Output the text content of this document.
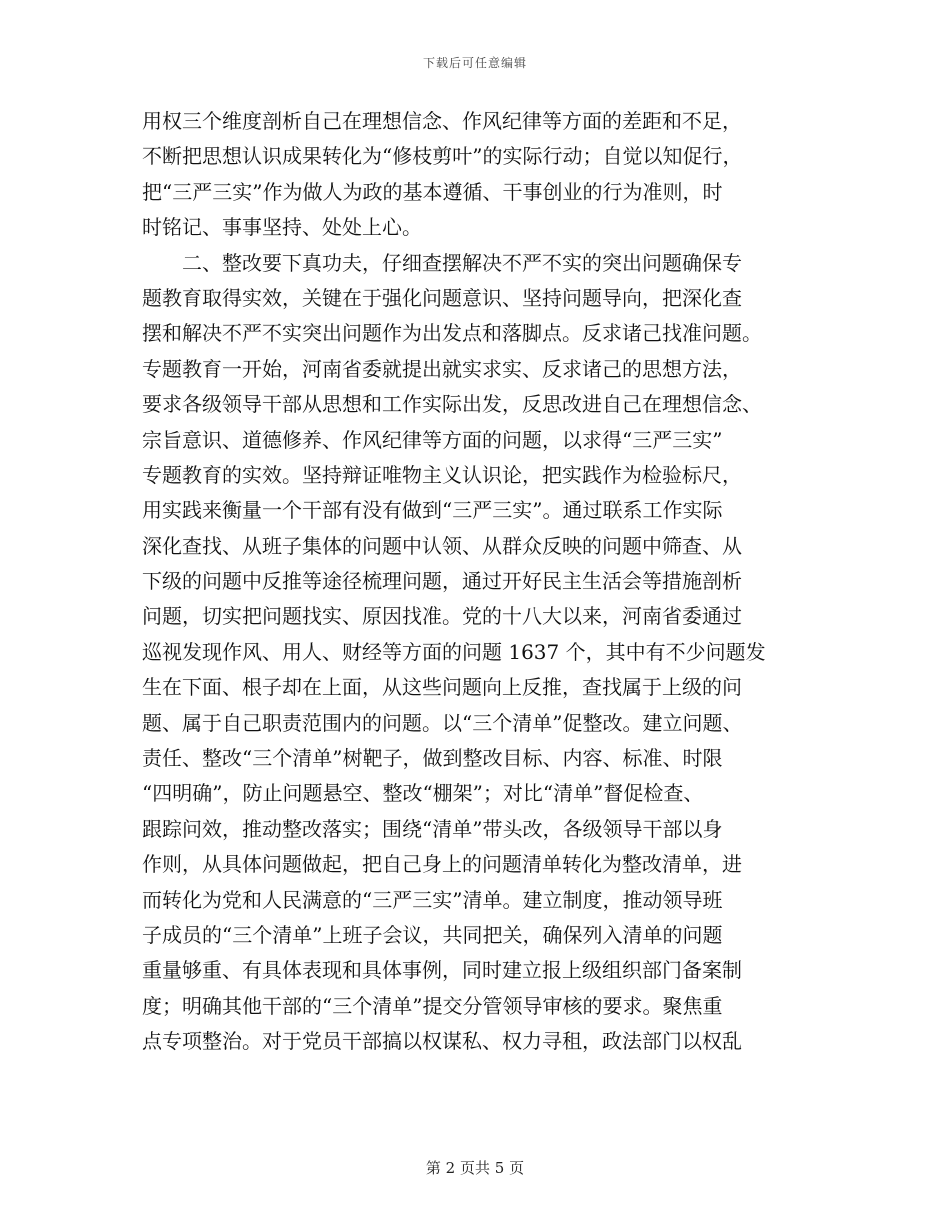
下载后可任意编辑
用权三个维度剖析自己在理想信念、作风纪律等方面的差距和不足，
不断把思想认识成果转化为“修枝剪叶”的实际行动；自觉以知促行，
把“三严三实”作为做人为政的基本遵循、干事创业的行为准则，时
时铭记、事事坚持、处处上心。
　　二、整改要下真功夫，仔细查摆解决不严不实的突出问题确保专
题教育取得实效，关键在于强化问题意识、坚持问题导向，把深化查
摆和解决不严不实突出问题作为出发点和落脚点。反求诸己找准问题。
专题教育一开始，河南省委就提出就实求实、反求诸己的思想方法，
要求各级领导干部从思想和工作实际出发，反思改进自己在理想信念、
宗旨意识、道德修养、作风纪律等方面的问题，以求得“三严三实”
专题教育的实效。坚持辩证唯物主义认识论，把实践作为检验标尺，
用实践来衡量一个干部有没有做到“三严三实”。通过联系工作实际
深化查找、从班子集体的问题中认领、从群众反映的问题中筛查、从
下级的问题中反推等途径梳理问题，通过开好民主生活会等措施剖析
问题，切实把问题找实、原因找准。党的十八大以来，河南省委通过
巡视发现作风、用人、财经等方面的问题 1637 个，其中有不少问题发
生在下面、根子却在上面，从这些问题向上反推，查找属于上级的问
题、属于自己职责范围内的问题。以“三个清单”促整改。建立问题、
责任、整改“三个清单”树靶子，做到整改目标、内容、标准、时限
“四明确”，防止问题悬空、整改“棚架”；对比“清单”督促检查、
跟踪问效，推动整改落实；围绕“清单”带头改，各级领导干部以身
作则，从具体问题做起，把自己身上的问题清单转化为整改清单，进
而转化为党和人民满意的“三严三实”清单。建立制度，推动领导班
子成员的“三个清单”上班子会议，共同把关，确保列入清单的问题
重量够重、有具体表现和具体事例，同时建立报上级组织部门备案制
度；明确其他干部的“三个清单”提交分管领导审核的要求。聚焦重
点专项整治。对于党员干部搞以权谋私、权力寻租，政法部门以权乱
第 2 页共 5 页
